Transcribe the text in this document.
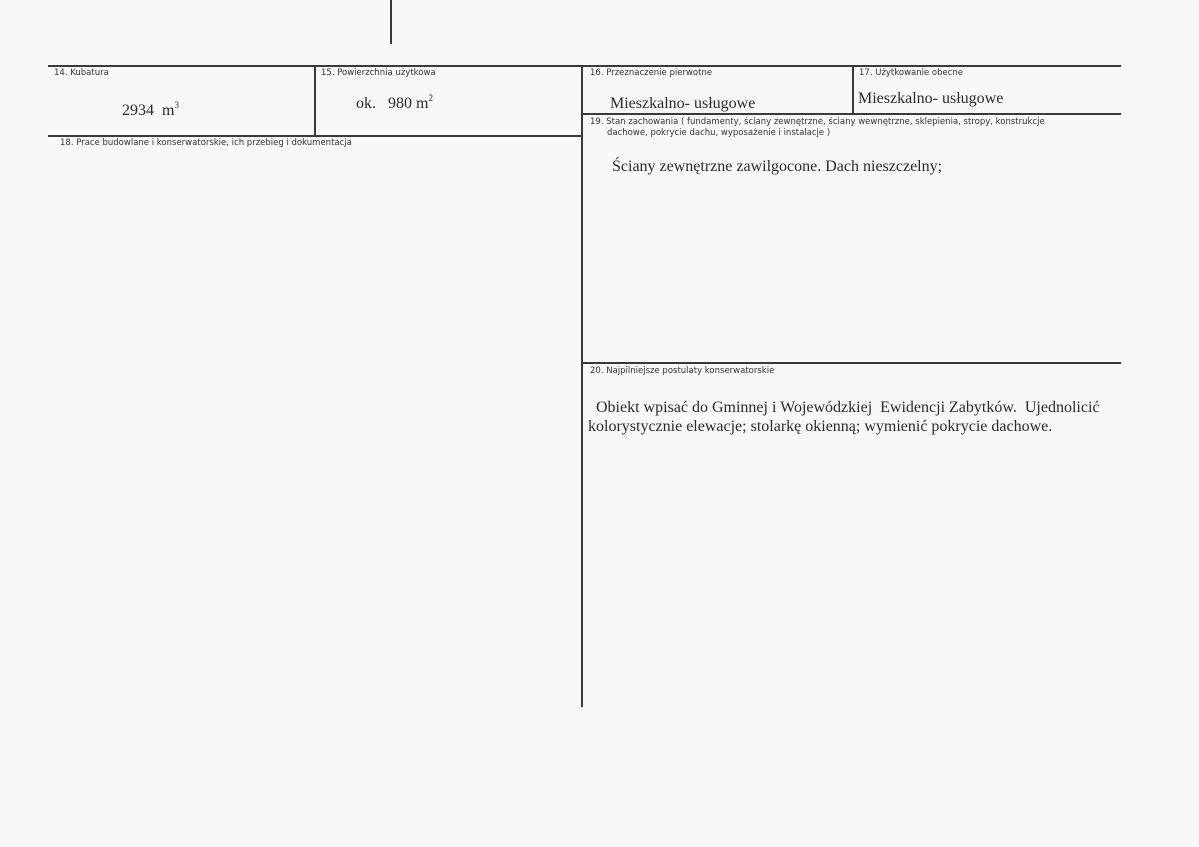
14. Kubatura
2934 $m^3$
15. Powierzchnia użytkowa
ok. 980 $m^2$
16. Przeznaczenie pierwotne
Mieszkalno- usługowe
17. Użytkowanie obecne
Mieszkalno- usługowe
18. Prace budowlane i konserwatorskie, ich przebieg i dokumentacja
19. Stan zachowania ( fundamenty, ściany zewnętrzne, ściany wewnętrzne, sklepienia, stropy, konstrukcje
dachowe, pokrycie dachu, wyposażenie i instalacje )
Ściany zewnętrzne zawilgocone. Dach nieszczelny;
20. Najpilniejsze postulaty konserwatorskie
Obiekt wpisać do Gminnej i Wojewódzkiej  Ewidencji Zabytków.  Ujednolicić
kolorystycznie elewacje; stolarkę okienną; wymienić pokrycie dachowe.
